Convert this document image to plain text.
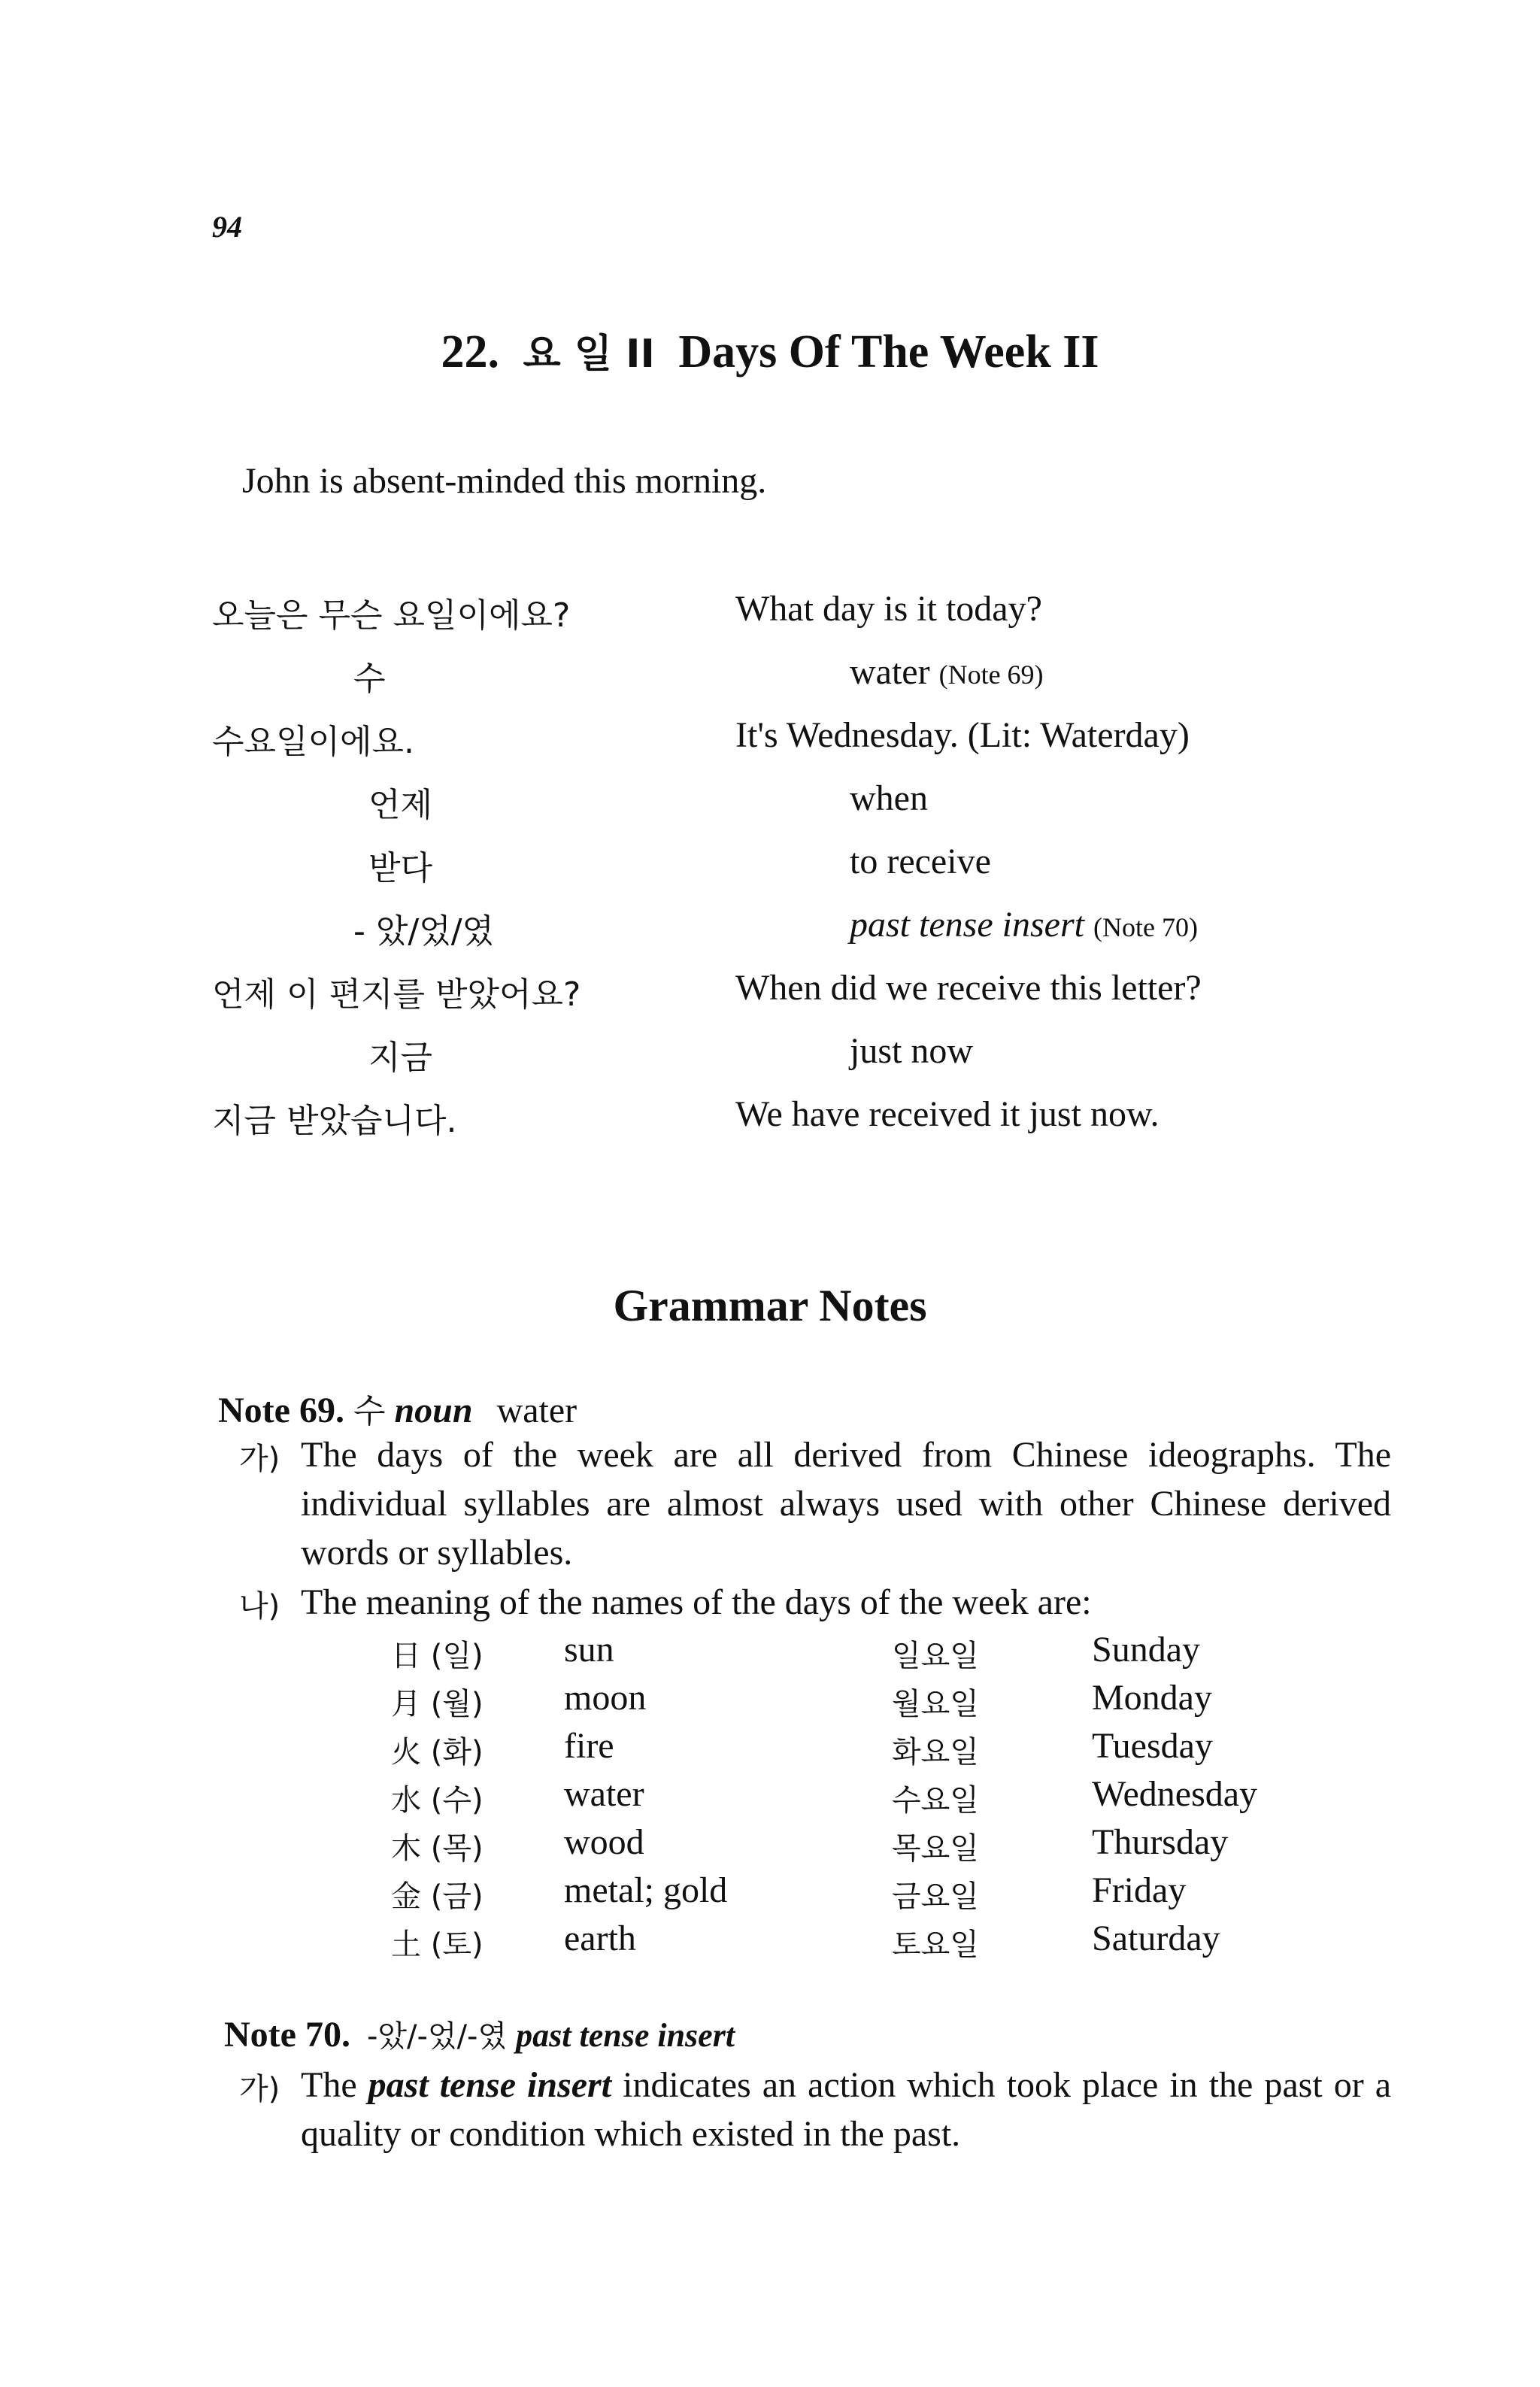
94
22. 요 일 II Days Of The Week II
John is absent-minded this morning.
오늘은 무슨 요일이에요?	What day is it today?
수	water (Note 69)
수요일이에요.	It's Wednesday. (Lit: Waterday)
언제	when
받다	to receive
- 았/었/였	past tense insert (Note 70)
언제 이 편지를 받았어요?	When did we receive this letter?
지금	just now
지금 받았습니다.	We have received it just now.
Grammar Notes
Note 69. 수 noun water
가) The days of the week are all derived from Chinese ideographs. The individual syllables are almost always used with other Chinese derived words or syllables.
나) The meaning of the names of the days of the week are:
日 (일) sun	일요일	Sunday
月 (월) moon	월요일	Monday
火 (화) fire	화요일	Tuesday
水 (수) water	수요일	Wednesday
木 (목) wood	목요일	Thursday
金 (금) metal; gold	금요일	Friday
土 (토) earth	토요일	Saturday
Note 70. -았/-었/-였 past tense insert
가) The past tense insert indicates an action which took place in the past or a quality or condition which existed in the past.
